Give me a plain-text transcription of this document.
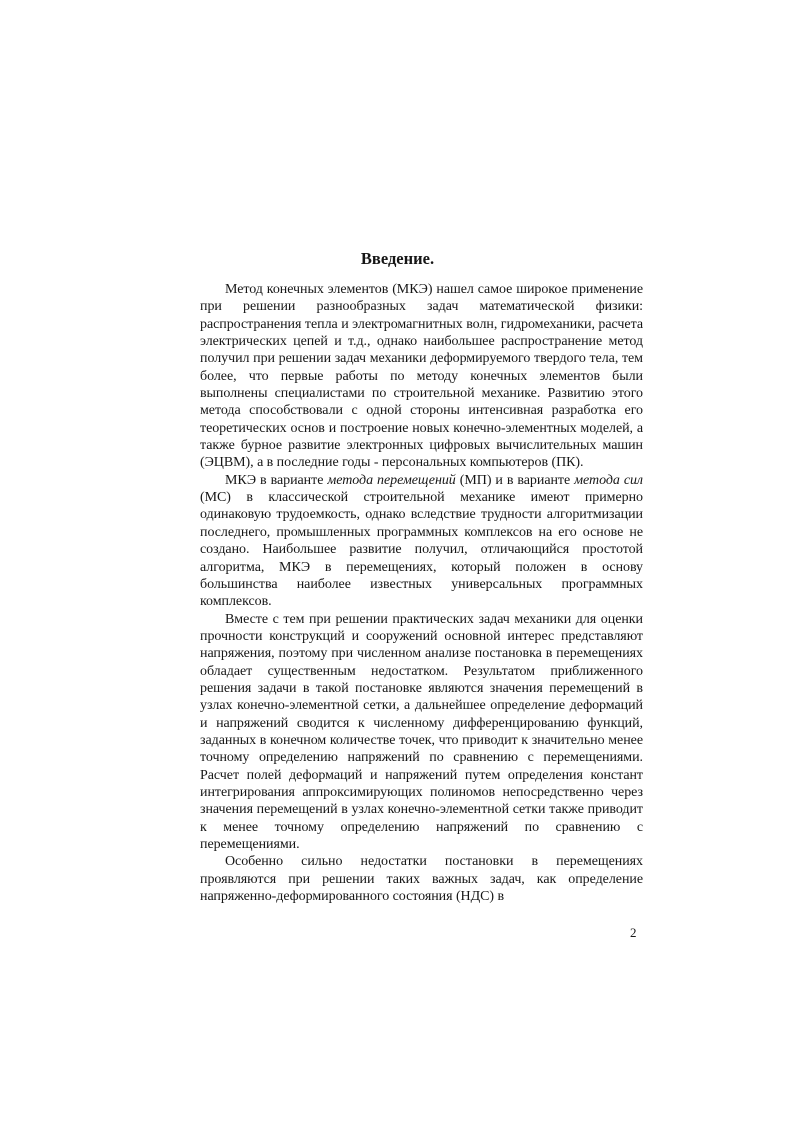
Введение.

Метод конечных элементов (МКЭ) нашел самое широкое применение при решении разнообразных задач математической физики: распространения тепла и электромагнитных волн, гидромеханики, расчета электрических цепей и т.д., однако наибольшее распространение метод получил при решении задач механики деформируемого твердого тела, тем более, что первые работы по методу конечных элементов были выполнены специалистами по строительной механике. Развитию этого метода способствовали с одной стороны интенсивная разработка его теоретических основ и построение новых конечно-элементных моделей, а также бурное развитие электронных цифровых вычислительных машин (ЭЦВМ), а в последние годы - персональных компьютеров (ПК).

МКЭ в варианте метода перемещений (МП) и в варианте метода сил (МС) в классической строительной механике имеют примерно одинаковую трудоемкость, однако вследствие трудности алгоритмизации последнего, промышленных программных комплексов на его основе не создано. Наибольшее развитие получил, отличающийся простотой алгоритма, МКЭ в перемещениях, который положен в основу большинства наиболее известных универсальных программных комплексов.

Вместе с тем при решении практических задач механики для оценки прочности конструкций и сооружений основной интерес представляют напряжения, поэтому при численном анализе постановка в перемещениях обладает существенным недостатком. Результатом приближенного решения задачи в такой постановке являются значения перемещений в узлах конечно-элементной сетки, а дальнейшее определение деформаций и напряжений сводится к численному дифференцированию функций, заданных в конечном количестве точек, что приводит к значительно менее точному определению напряжений по сравнению с перемещениями. Расчет полей деформаций и напряжений путем определения констант интегрирования аппроксимирующих полиномов непосредственно через значения перемещений в узлах конечно-элементной сетки также приводит к менее точному определению напряжений по сравнению с перемещениями.

Особенно сильно недостатки постановки в перемещениях проявляются при решении таких важных задач, как определение напряженно-деформированного состояния (НДС) в

2
